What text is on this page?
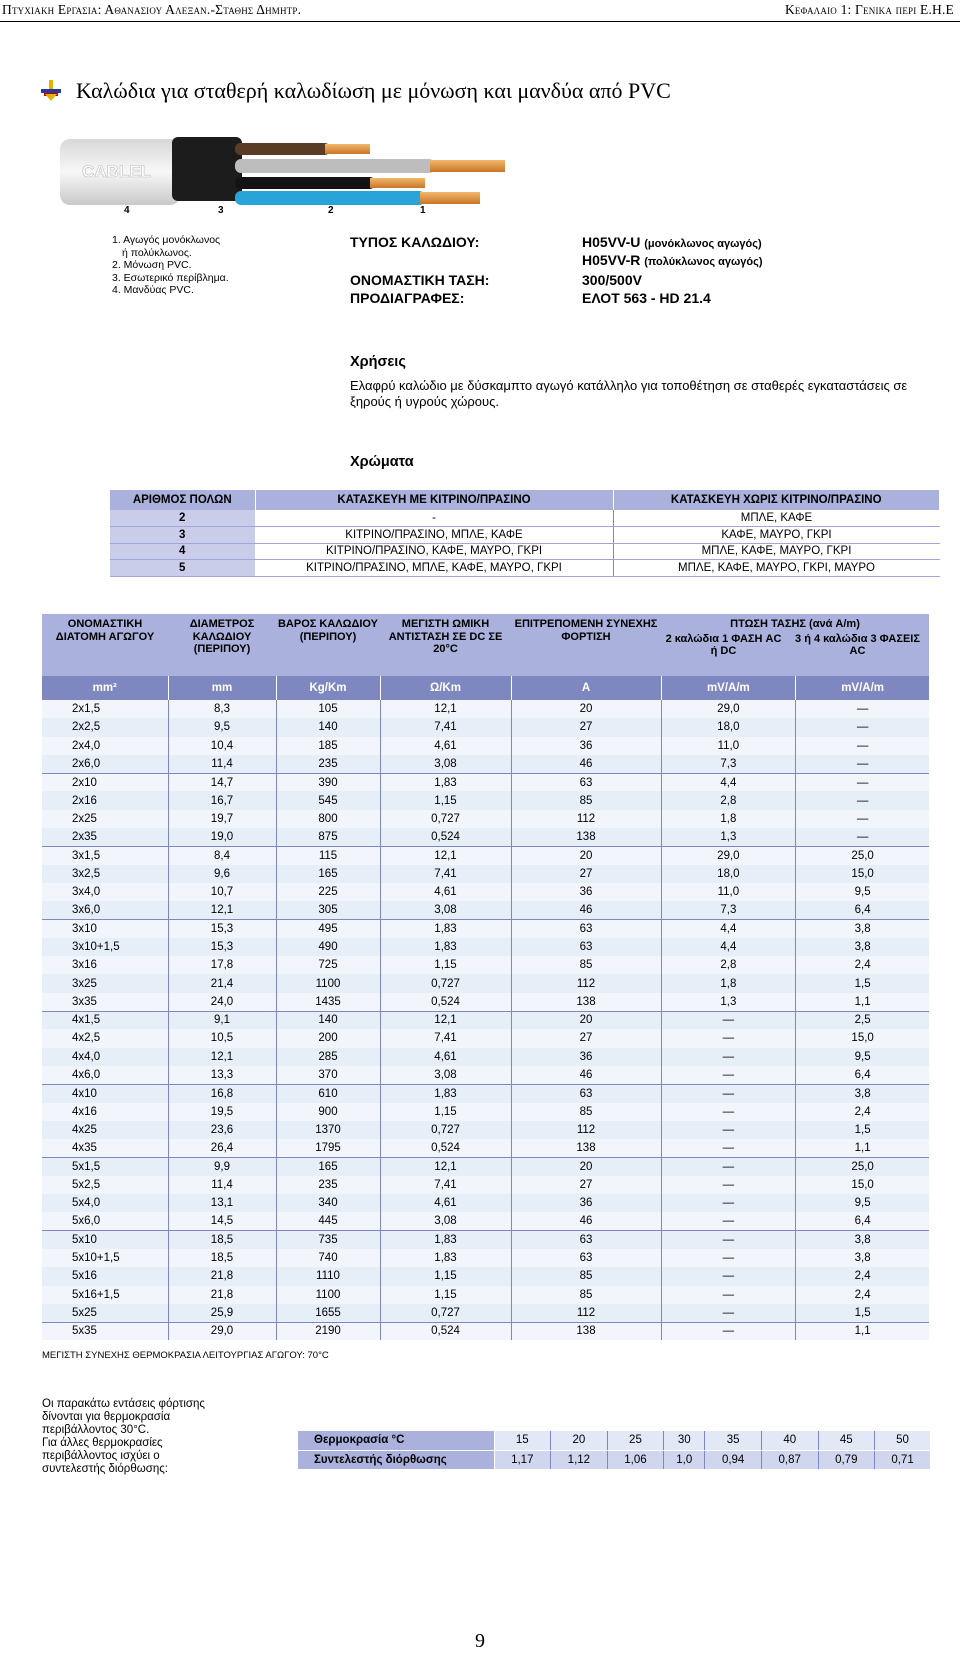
Πτυχιακη Εργασια: Αθανασιου Αλεξαν.-Σταθης Δημητρ.	Κεφαλαιο 1: Γενικα περι Ε.Η.Ε
Καλώδια για σταθερή καλωδίωση με μόνωση και μανδύα από PVC
CABLEL
4	3	2	1
1. Αγωγός μονόκλωνος
ή πολύκλωνος.
2. Μόνωση PVC.
3. Εσωτερικό περίβλημα.
4. Μανδύας PVC.
ΤΥΠΟΣ ΚΑΛΩΔΙΟΥ:	H05VV-U (μονόκλωνος αγωγός)
H05VV-R (πολύκλωνος αγωγός)
ΟΝΟΜΑΣΤΙΚΗ ΤΑΣΗ:	300/500V
ΠΡΟΔΙΑΓΡΑΦΕΣ:	ΕΛΟΤ 563 - HD 21.4
Χρήσεις
Ελαφρύ καλώδιο με δύσκαμπτο αγωγό κατάλληλο για τοποθέτηση σε σταθερές εγκαταστάσεις σε ξηρούς ή υγρούς χώρους.
Χρώματα
ΑΡΙΘΜΟΣ ΠΟΛΩΝ	ΚΑΤΑΣΚΕΥΗ ΜΕ ΚΙΤΡΙΝΟ/ΠΡΑΣΙΝΟ	ΚΑΤΑΣΚΕΥΗ ΧΩΡΙΣ ΚΙΤΡΙΝΟ/ΠΡΑΣΙΝΟ
2	-	ΜΠΛΕ, ΚΑΦΕ
3	ΚΙΤΡΙΝΟ/ΠΡΑΣΙΝΟ, ΜΠΛΕ, ΚΑΦΕ	ΚΑΦΕ, ΜΑΥΡΟ, ΓΚΡΙ
4	ΚΙΤΡΙΝΟ/ΠΡΑΣΙΝΟ, ΚΑΦΕ, ΜΑΥΡΟ, ΓΚΡΙ	ΜΠΛΕ, ΚΑΦΕ, ΜΑΥΡΟ, ΓΚΡΙ
5	ΚΙΤΡΙΝΟ/ΠΡΑΣΙΝΟ, ΜΠΛΕ, ΚΑΦΕ, ΜΑΥΡΟ, ΓΚΡΙ	ΜΠΛΕ, ΚΑΦΕ, ΜΑΥΡΟ, ΓΚΡΙ, ΜΑΥΡΟ
ΟΝΟΜΑΣΤΙΚΗ ΔΙΑΤΟΜΗ ΑΓΩΓΟΥ	ΔΙΑΜΕΤΡΟΣ ΚΑΛΩΔΙΟΥ (ΠΕΡΙΠΟΥ)	ΒΑΡΟΣ ΚΑΛΩΔΙΟΥ (ΠΕΡΙΠΟΥ)	ΜΕΓΙΣΤΗ ΩΜΙΚΗ ΑΝΤΙΣΤΑΣΗ ΣΕ DC ΣΕ 20°C	ΕΠΙΤΡΕΠΟΜΕΝΗ ΣΥΝΕΧΗΣ ΦΟΡΤΙΣΗ	ΠΤΩΣΗ ΤΑΣΗΣ (ανά A/m)
2 καλώδια 1 ΦΑΣΗ AC ή DC
3 ή 4 καλώδια 3 ΦΑΣΕΙΣ AC	

mm²	mm	Kg/Km	Ω/Km	A	mV/A/m	mV/A/m
2x1,5	8,3	105	12,1	20	29,0	—
2x2,5	9,5	140	7,41	27	18,0	—
2x4,0	10,4	185	4,61	36	11,0	—
2x6,0	11,4	235	3,08	46	7,3	—
2x10	14,7	390	1,83	63	4,4	—
2x16	16,7	545	1,15	85	2,8	—
2x25	19,7	800	0,727	112	1,8	—
2x35	19,0	875	0,524	138	1,3	—
3x1,5	8,4	115	12,1	20	29,0	25,0
3x2,5	9,6	165	7,41	27	18,0	15,0
3x4,0	10,7	225	4,61	36	11,0	9,5
3x6,0	12,1	305	3,08	46	7,3	6,4
3x10	15,3	495	1,83	63	4,4	3,8
3x10+1,5	15,3	490	1,83	63	4,4	3,8
3x16	17,8	725	1,15	85	2,8	2,4
3x25	21,4	1100	0,727	112	1,8	1,5
3x35	24,0	1435	0,524	138	1,3	1,1
4x1,5	9,1	140	12,1	20	—	2,5
4x2,5	10,5	200	7,41	27	—	15,0
4x4,0	12,1	285	4,61	36	—	9,5
4x6,0	13,3	370	3,08	46	—	6,4
4x10	16,8	610	1,83	63	—	3,8
4x16	19,5	900	1,15	85	—	2,4
4x25	23,6	1370	0,727	112	—	1,5
4x35	26,4	1795	0,524	138	—	1,1
5x1,5	9,9	165	12,1	20	—	25,0
5x2,5	11,4	235	7,41	27	—	15,0
5x4,0	13,1	340	4,61	36	—	9,5
5x6,0	14,5	445	3,08	46	—	6,4
5x10	18,5	735	1,83	63	—	3,8
5x10+1,5	18,5	740	1,83	63	—	3,8
5x16	21,8	1110	1,15	85	—	2,4
5x16+1,5	21,8	1100	1,15	85	—	2,4
5x25	25,9	1655	0,727	112	—	1,5
5x35	29,0	2190	0,524	138	—	1,1
ΜΕΓΙΣΤΗ ΣΥΝΕΧΗΣ ΘΕΡΜΟΚΡΑΣΙΑ ΛΕΙΤΟΥΡΓΙΑΣ ΑΓΩΓΟΥ: 70°C
Οι παρακάτω εντάσεις φόρτισης
δίνονται για θερμοκρασία
περιβάλλοντος 30°C.
Για άλλες θερμοκρασίες
περιβάλλοντος ισχύει ο
συντελεστής διόρθωσης:
Θερμοκρασία °C	15	20	25	30	35	40	45	50
Συντελεστής διόρθωσης	1,17	1,12	1,06	1,0	0,94	0,87	0,79	0,71
9
